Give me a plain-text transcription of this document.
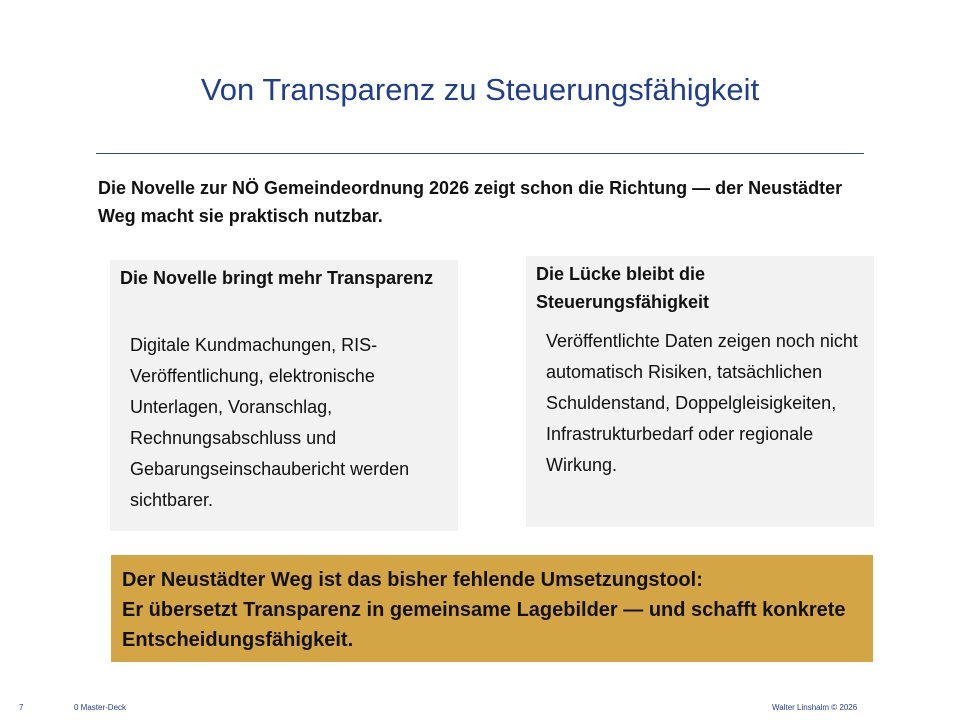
Von Transparenz zu Steuerungsfähigkeit
Die Novelle zur NÖ Gemeindeordnung 2026 zeigt schon die Richtung — der Neustädter Weg macht sie praktisch nutzbar.
Die Novelle bringt mehr Transparenz
Digitale Kundmachungen, RIS-Veröffentlichung, elektronische Unterlagen, Voranschlag, Rechnungsabschluss und Gebarungseinschaubericht werden sichtbarer.
Die Lücke bleibt die Steuerungsfähigkeit
Veröffentlichte Daten zeigen noch nicht automatisch Risiken, tatsächlichen Schuldenstand, Doppelgleisigkeiten, Infrastrukturbedarf oder regionale Wirkung.
Der Neustädter Weg ist das bisher fehlende Umsetzungstool:
Er übersetzt Transparenz in gemeinsame Lagebilder — und schafft konkrete Entscheidungsfähigkeit.
7	0 Master-Deck	Walter Linshalm © 2026
